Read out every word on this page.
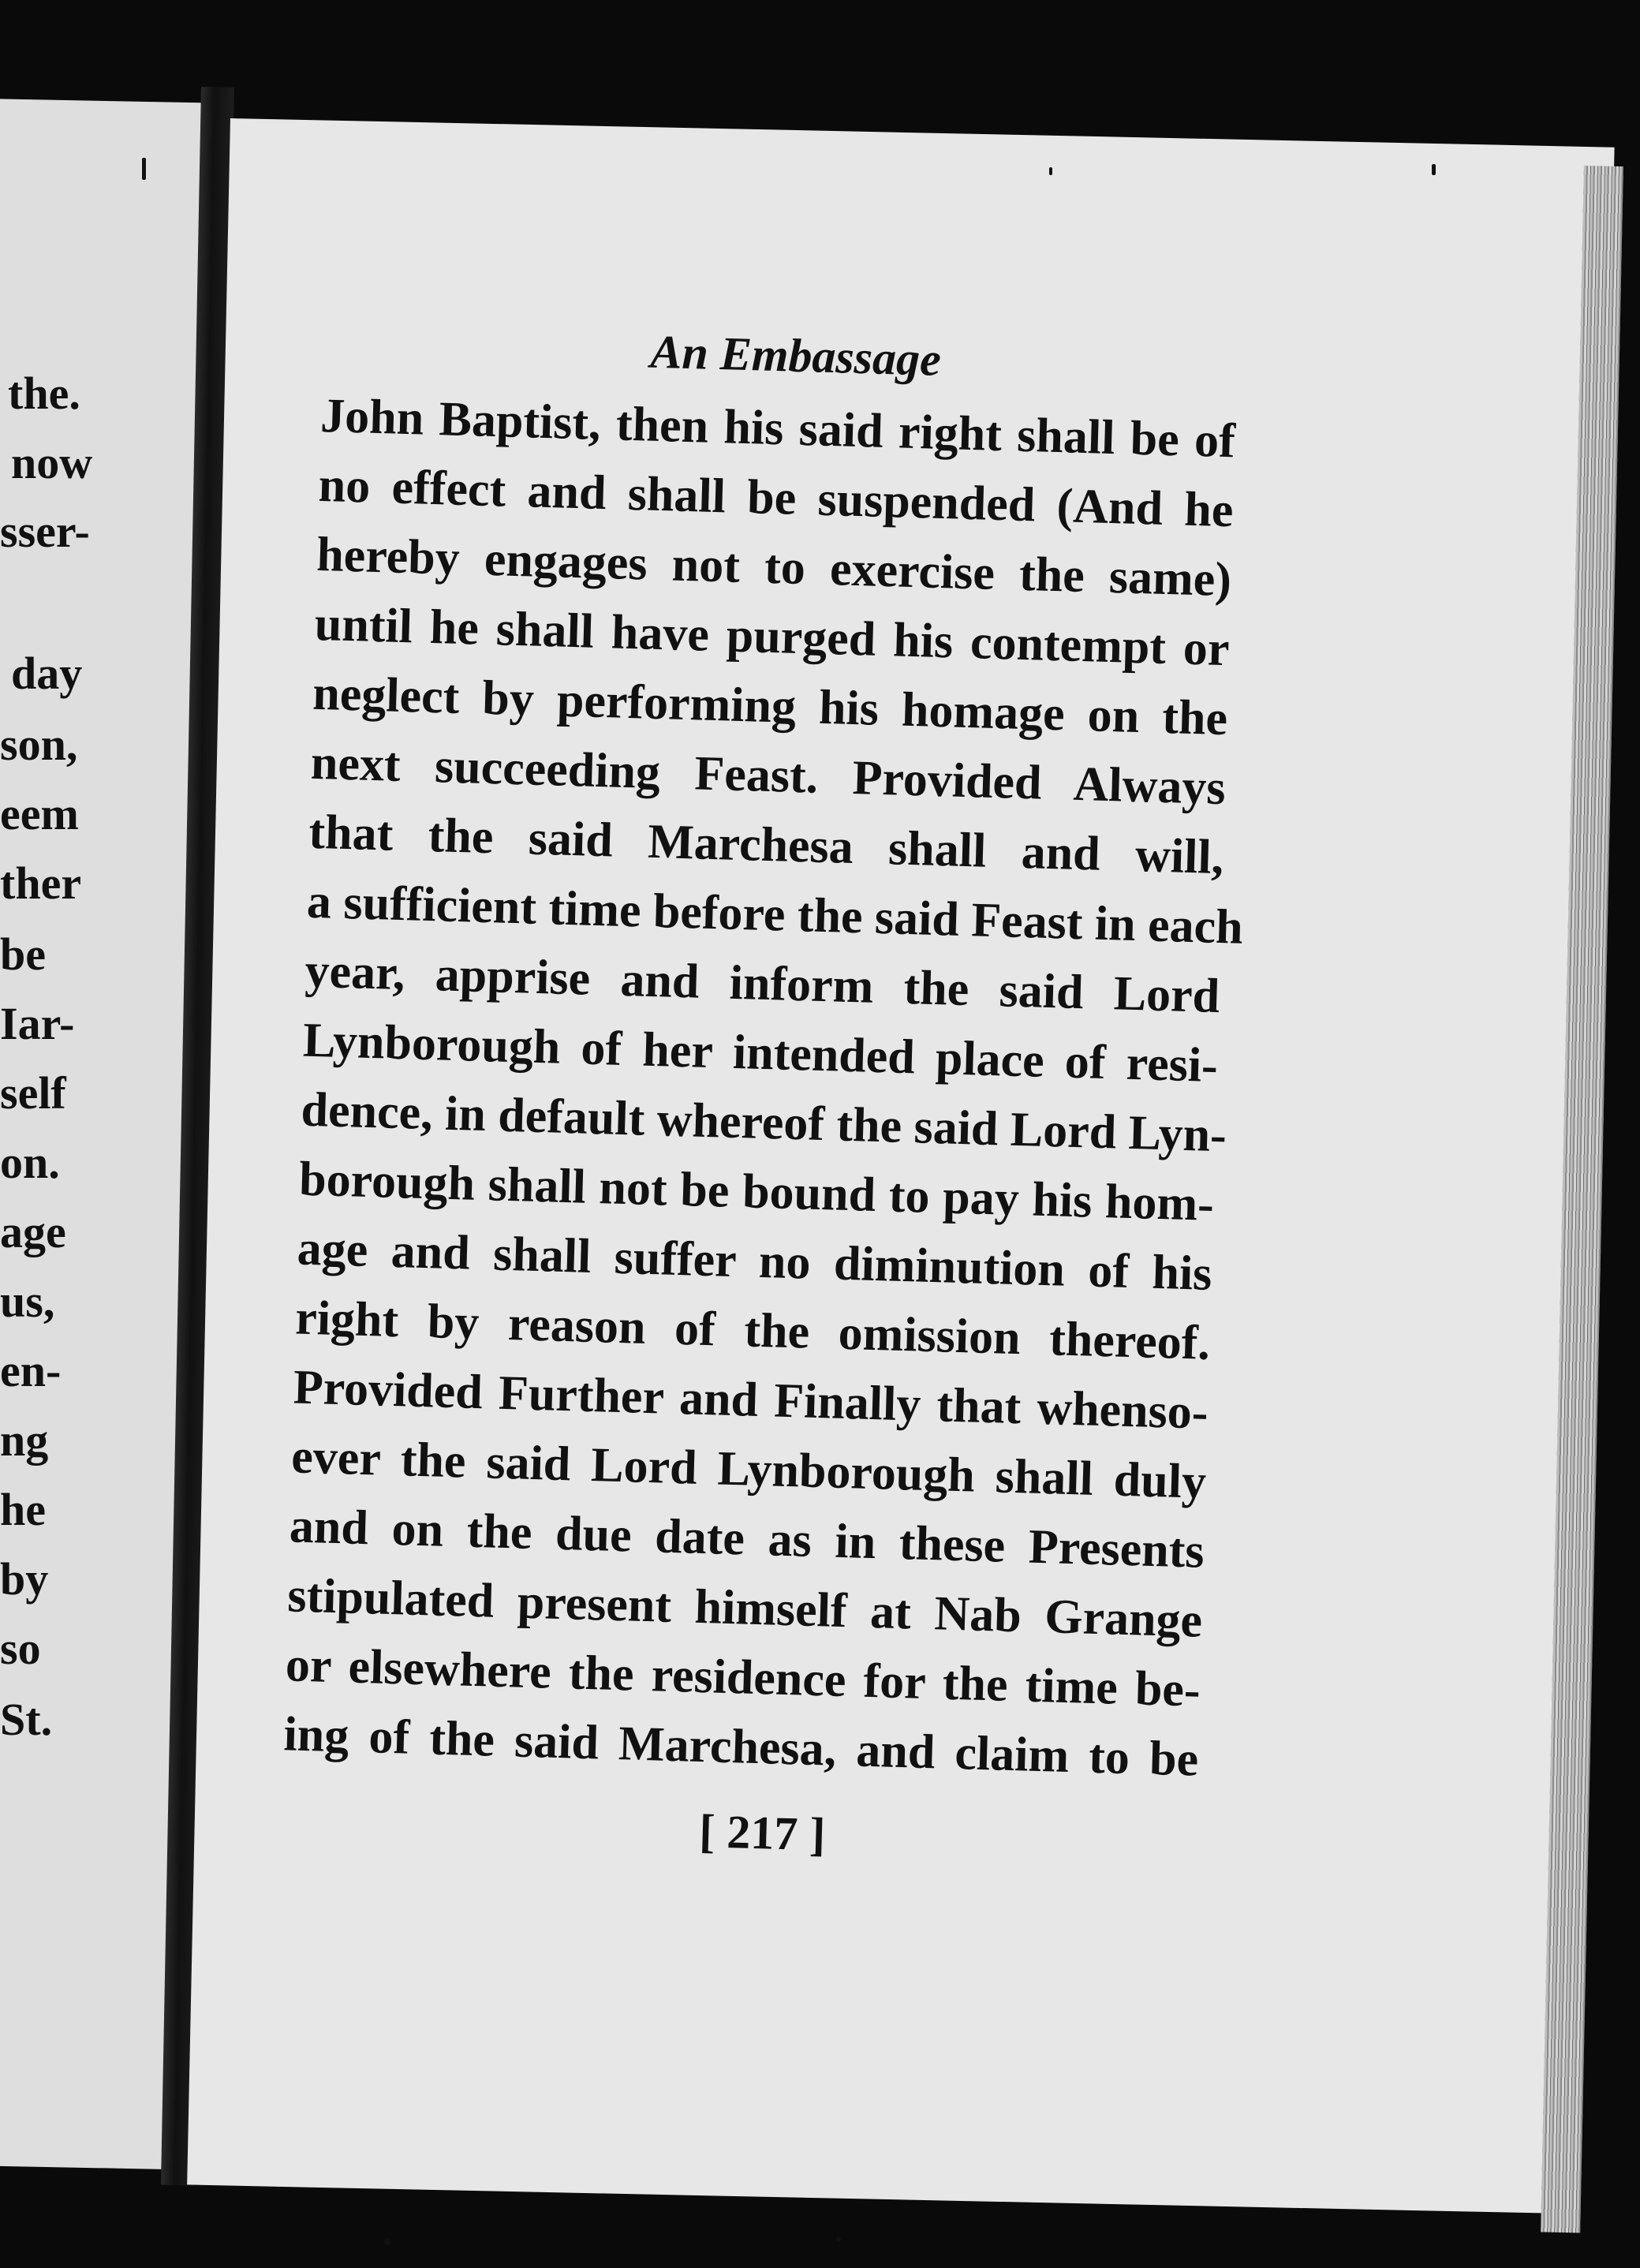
the.
now
sser-
day
son,
eem
ther
be
Iar-
self
on.
age
us,
en-
ng
he
by
so
St.
An Embassage
John Baptist, then his said right shall be of
no effect and shall be suspended (And he
hereby engages not to exercise the same)
until he shall have purged his contempt or
neglect by performing his homage on the
next succeeding Feast. Provided Always
that the said Marchesa shall and will,
a sufficient time before the said Feast in each
year, apprise and inform the said Lord
Lynborough of her intended place of resi-
dence, in default whereof the said Lord Lyn-
borough shall not be bound to pay his hom-
age and shall suffer no diminution of his
right by reason of the omission thereof.
Provided Further and Finally that whenso-
ever the said Lord Lynborough shall duly
and on the due date as in these Presents
stipulated present himself at Nab Grange
or elsewhere the residence for the time be-
ing of the said Marchesa, and claim to be
[ 217 ]
